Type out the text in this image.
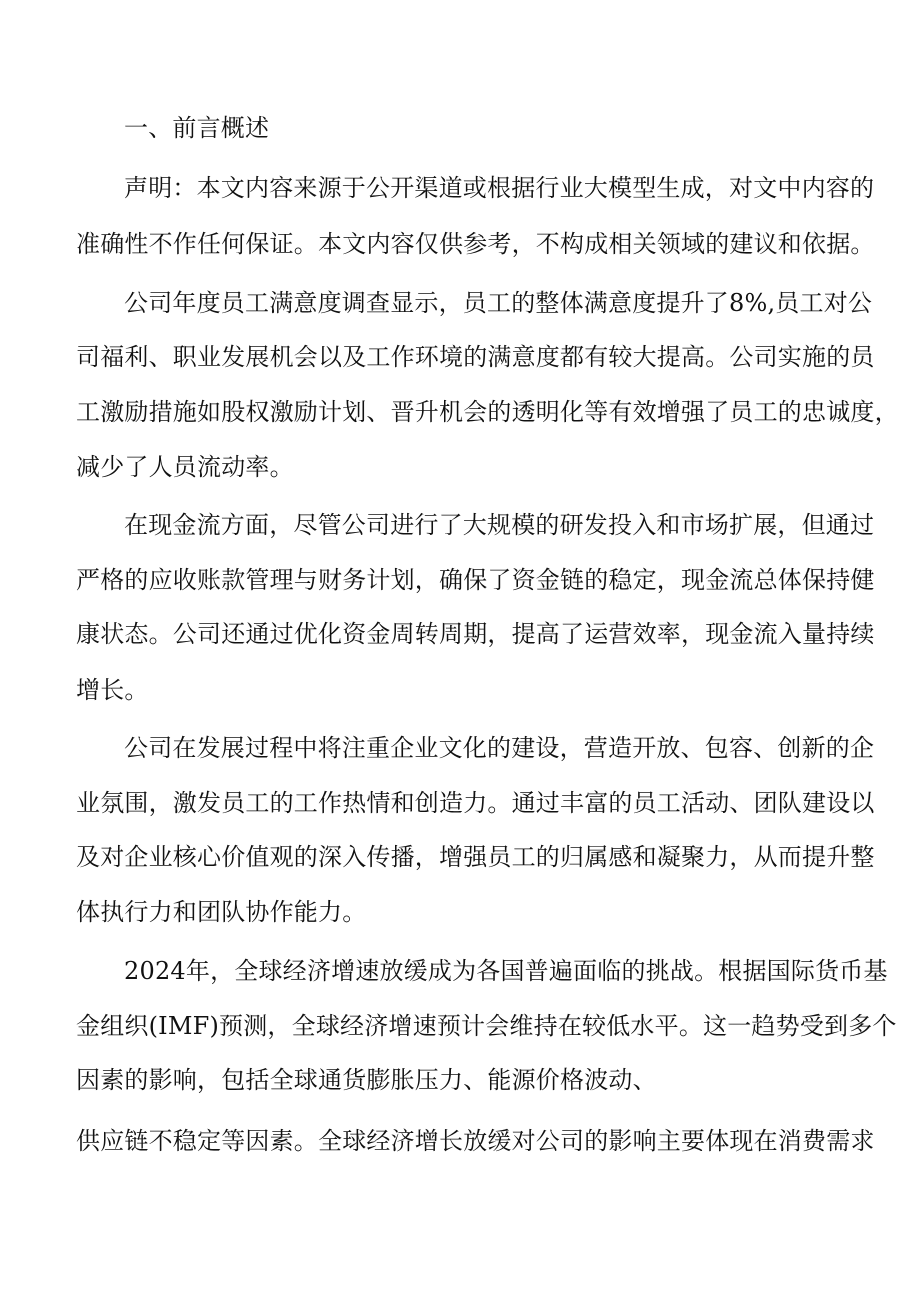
一、前言概述
声明：本文内容来源于公开渠道或根据行业大模型生成，对文中内容的
准确性不作任何保证。本文内容仅供参考，不构成相关领域的建议和依据。
公司年度员工满意度调查显示，员工的整体满意度提升了8%,员工对公
司福利、职业发展机会以及工作环境的满意度都有较大提高。公司实施的员
工激励措施如股权激励计划、晋升机会的透明化等有效增强了员工的忠诚度，
减少了人员流动率。
在现金流方面，尽管公司进行了大规模的研发投入和市场扩展，但通过
严格的应收账款管理与财务计划，确保了资金链的稳定，现金流总体保持健
康状态。公司还通过优化资金周转周期，提高了运营效率，现金流入量持续
增长。
公司在发展过程中将注重企业文化的建设，营造开放、包容、创新的企
业氛围，激发员工的工作热情和创造力。通过丰富的员工活动、团队建设以
及对企业核心价值观的深入传播，增强员工的归属感和凝聚力，从而提升整
体执行力和团队协作能力。
2024年，全球经济增速放缓成为各国普遍面临的挑战。根据国际货币基
金组织(IMF)预测，全球经济增速预计会维持在较低水平。这一趋势受到多个
因素的影响，包括全球通货膨胀压力、能源价格波动、
供应链不稳定等因素。全球经济增长放缓对公司的影响主要体现在消费需求
